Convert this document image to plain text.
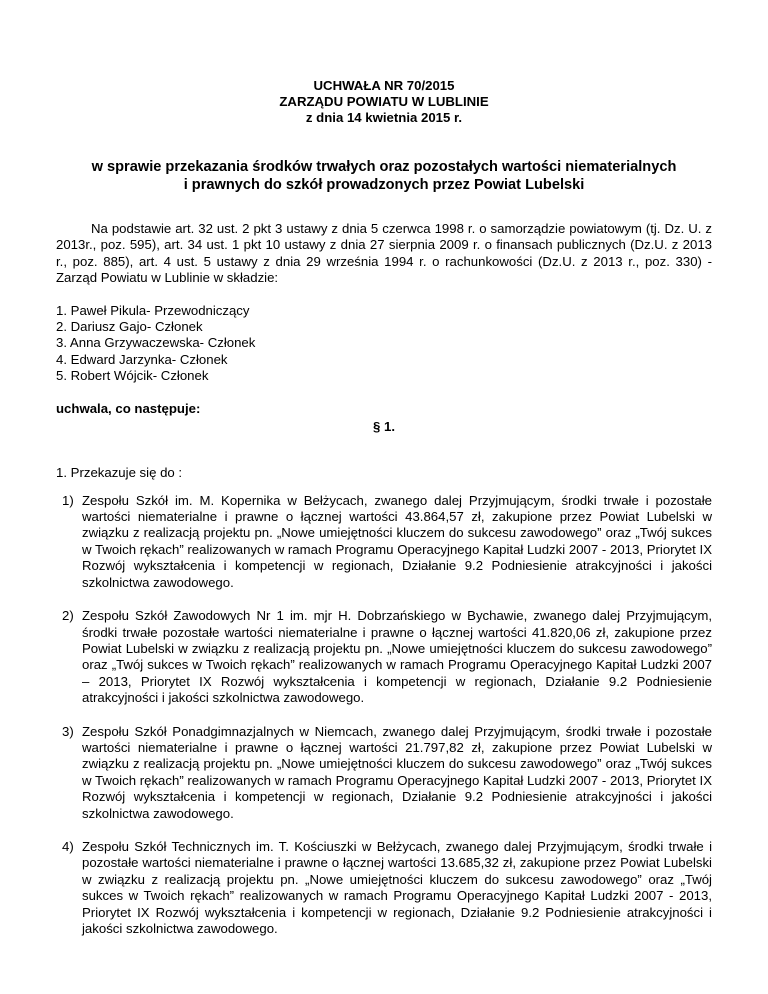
UCHWAŁA NR 70/2015
ZARZĄDU POWIATU W LUBLINIE
z dnia 14 kwietnia 2015 r.
w sprawie przekazania środków trwałych oraz pozostałych wartości niematerialnych
i prawnych do szkół prowadzonych przez Powiat Lubelski
Na podstawie art. 32 ust. 2 pkt 3 ustawy z dnia 5 czerwca 1998 r. o samorządzie powiatowym (tj. Dz. U. z 2013r., poz. 595), art. 34 ust. 1 pkt 10 ustawy z dnia 27 sierpnia 2009 r. o finansach publicznych (Dz.U. z 2013 r., poz. 885), art. 4 ust. 5 ustawy z dnia 29 września 1994 r. o rachunkowości (Dz.U. z 2013 r., poz. 330) - Zarząd Powiatu w Lublinie w składzie:
1. Paweł Pikula- Przewodniczący
2. Dariusz Gajo- Członek
3. Anna Grzywaczewska- Członek
4. Edward Jarzynka- Członek
5. Robert Wójcik- Członek
uchwala, co następuje:
§ 1.
1. Przekazuje się do :
1) Zespołu Szkół im. M. Kopernika w Bełżycach, zwanego dalej Przyjmującym, środki trwałe i pozostałe wartości niematerialne i prawne o łącznej wartości 43.864,57 zł, zakupione przez Powiat Lubelski w związku z realizacją projektu pn. „Nowe umiejętności kluczem do sukcesu zawodowego” oraz „Twój sukces w Twoich rękach” realizowanych w ramach Programu Operacyjnego Kapitał Ludzki 2007 - 2013, Priorytet IX Rozwój wykształcenia i kompetencji w regionach, Działanie 9.2 Podniesienie atrakcyjności i jakości szkolnictwa zawodowego.
2) Zespołu Szkół Zawodowych Nr 1 im. mjr H. Dobrzańskiego w Bychawie, zwanego dalej Przyjmującym, środki trwałe pozostałe wartości niematerialne i prawne o łącznej wartości 41.820,06 zł, zakupione przez Powiat Lubelski w związku z realizacją projektu pn. „Nowe umiejętności kluczem do sukcesu zawodowego” oraz „Twój sukces w Twoich rękach” realizowanych w ramach Programu Operacyjnego Kapitał Ludzki 2007 – 2013, Priorytet IX Rozwój wykształcenia i kompetencji w regionach, Działanie 9.2 Podniesienie atrakcyjności i jakości szkolnictwa zawodowego.
3) Zespołu Szkół Ponadgimnazjalnych w Niemcach, zwanego dalej Przyjmującym, środki trwałe i pozostałe wartości niematerialne i prawne o łącznej wartości 21.797,82 zł, zakupione przez Powiat Lubelski w związku z realizacją projektu pn. „Nowe umiejętności kluczem do sukcesu zawodowego” oraz „Twój sukces w Twoich rękach” realizowanych w ramach Programu Operacyjnego Kapitał Ludzki 2007 - 2013, Priorytet IX Rozwój wykształcenia i kompetencji w regionach, Działanie 9.2 Podniesienie atrakcyjności i jakości szkolnictwa zawodowego.
4) Zespołu Szkół Technicznych im. T. Kościuszki w Bełżycach, zwanego dalej Przyjmującym, środki trwałe i pozostałe wartości niematerialne i prawne o łącznej wartości 13.685,32 zł, zakupione przez Powiat Lubelski w związku z realizacją projektu pn. „Nowe umiejętności kluczem do sukcesu zawodowego” oraz „Twój sukces w Twoich rękach” realizowanych w ramach Programu Operacyjnego Kapitał Ludzki 2007 - 2013, Priorytet IX Rozwój wykształcenia i kompetencji w regionach, Działanie 9.2 Podniesienie atrakcyjności i jakości szkolnictwa zawodowego.
